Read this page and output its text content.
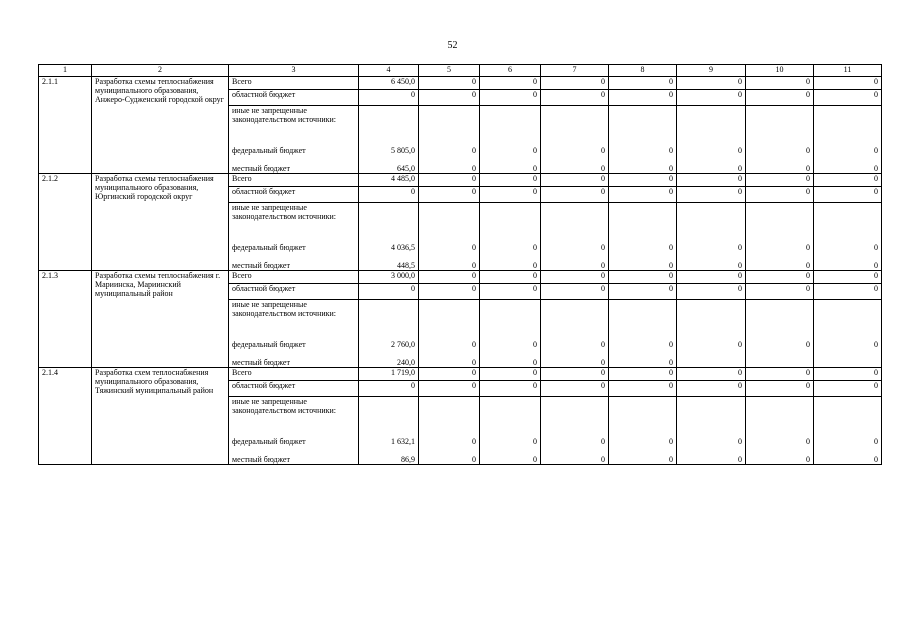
52
1	2	3	4	5	6	7	8	9	10	11
2.1.1	Разработка схемы теплоснабжения муниципального образования, Анжеро-Судженский городской округ	Всего	6 450,0	0	0	0	0	0	0	0
		областной бюджет	0	0	0	0	0	0	0	0
		иные не запрещенные законодательством источники:								
		федеральный бюджет	5 805,0	0	0	0	0	0	0	0
		местный бюджет	645,0	0	0	0	0	0	0	0
2.1.2	Разработка схемы теплоснабжения муниципального образования, Юргинский городской округ	Всего	4 485,0	0	0	0	0	0	0	0
		областной бюджет	0	0	0	0	0	0	0	0
		иные не запрещенные законодательством источники:								
		федеральный бюджет	4 036,5	0	0	0	0	0	0	0
		местный бюджет	448,5	0	0	0	0	0	0	0
2.1.3	Разработка схемы теплоснабжения г. Мариинска, Мариинский муниципальный район	Всего	3 000,0	0	0	0	0	0	0	0
		областной бюджет	0	0	0	0	0	0	0	0
		иные не запрещенные законодательством источники:								
		федеральный бюджет	2 760,0	0	0	0	0	0	0	0
		местный бюджет	240,0	0	0	0	0			
2.1.4	Разработка схем теплоснабжения муниципального образования, Тяжинский муниципальный район	Всего	1 719,0	0	0	0	0	0	0	0
		областной бюджет	0	0	0	0	0	0	0	0
		иные не запрещенные законодательством источники:								
		федеральный бюджет	1 632,1	0	0	0	0	0	0	0
		местный бюджет	86,9	0	0	0	0	0	0	0
